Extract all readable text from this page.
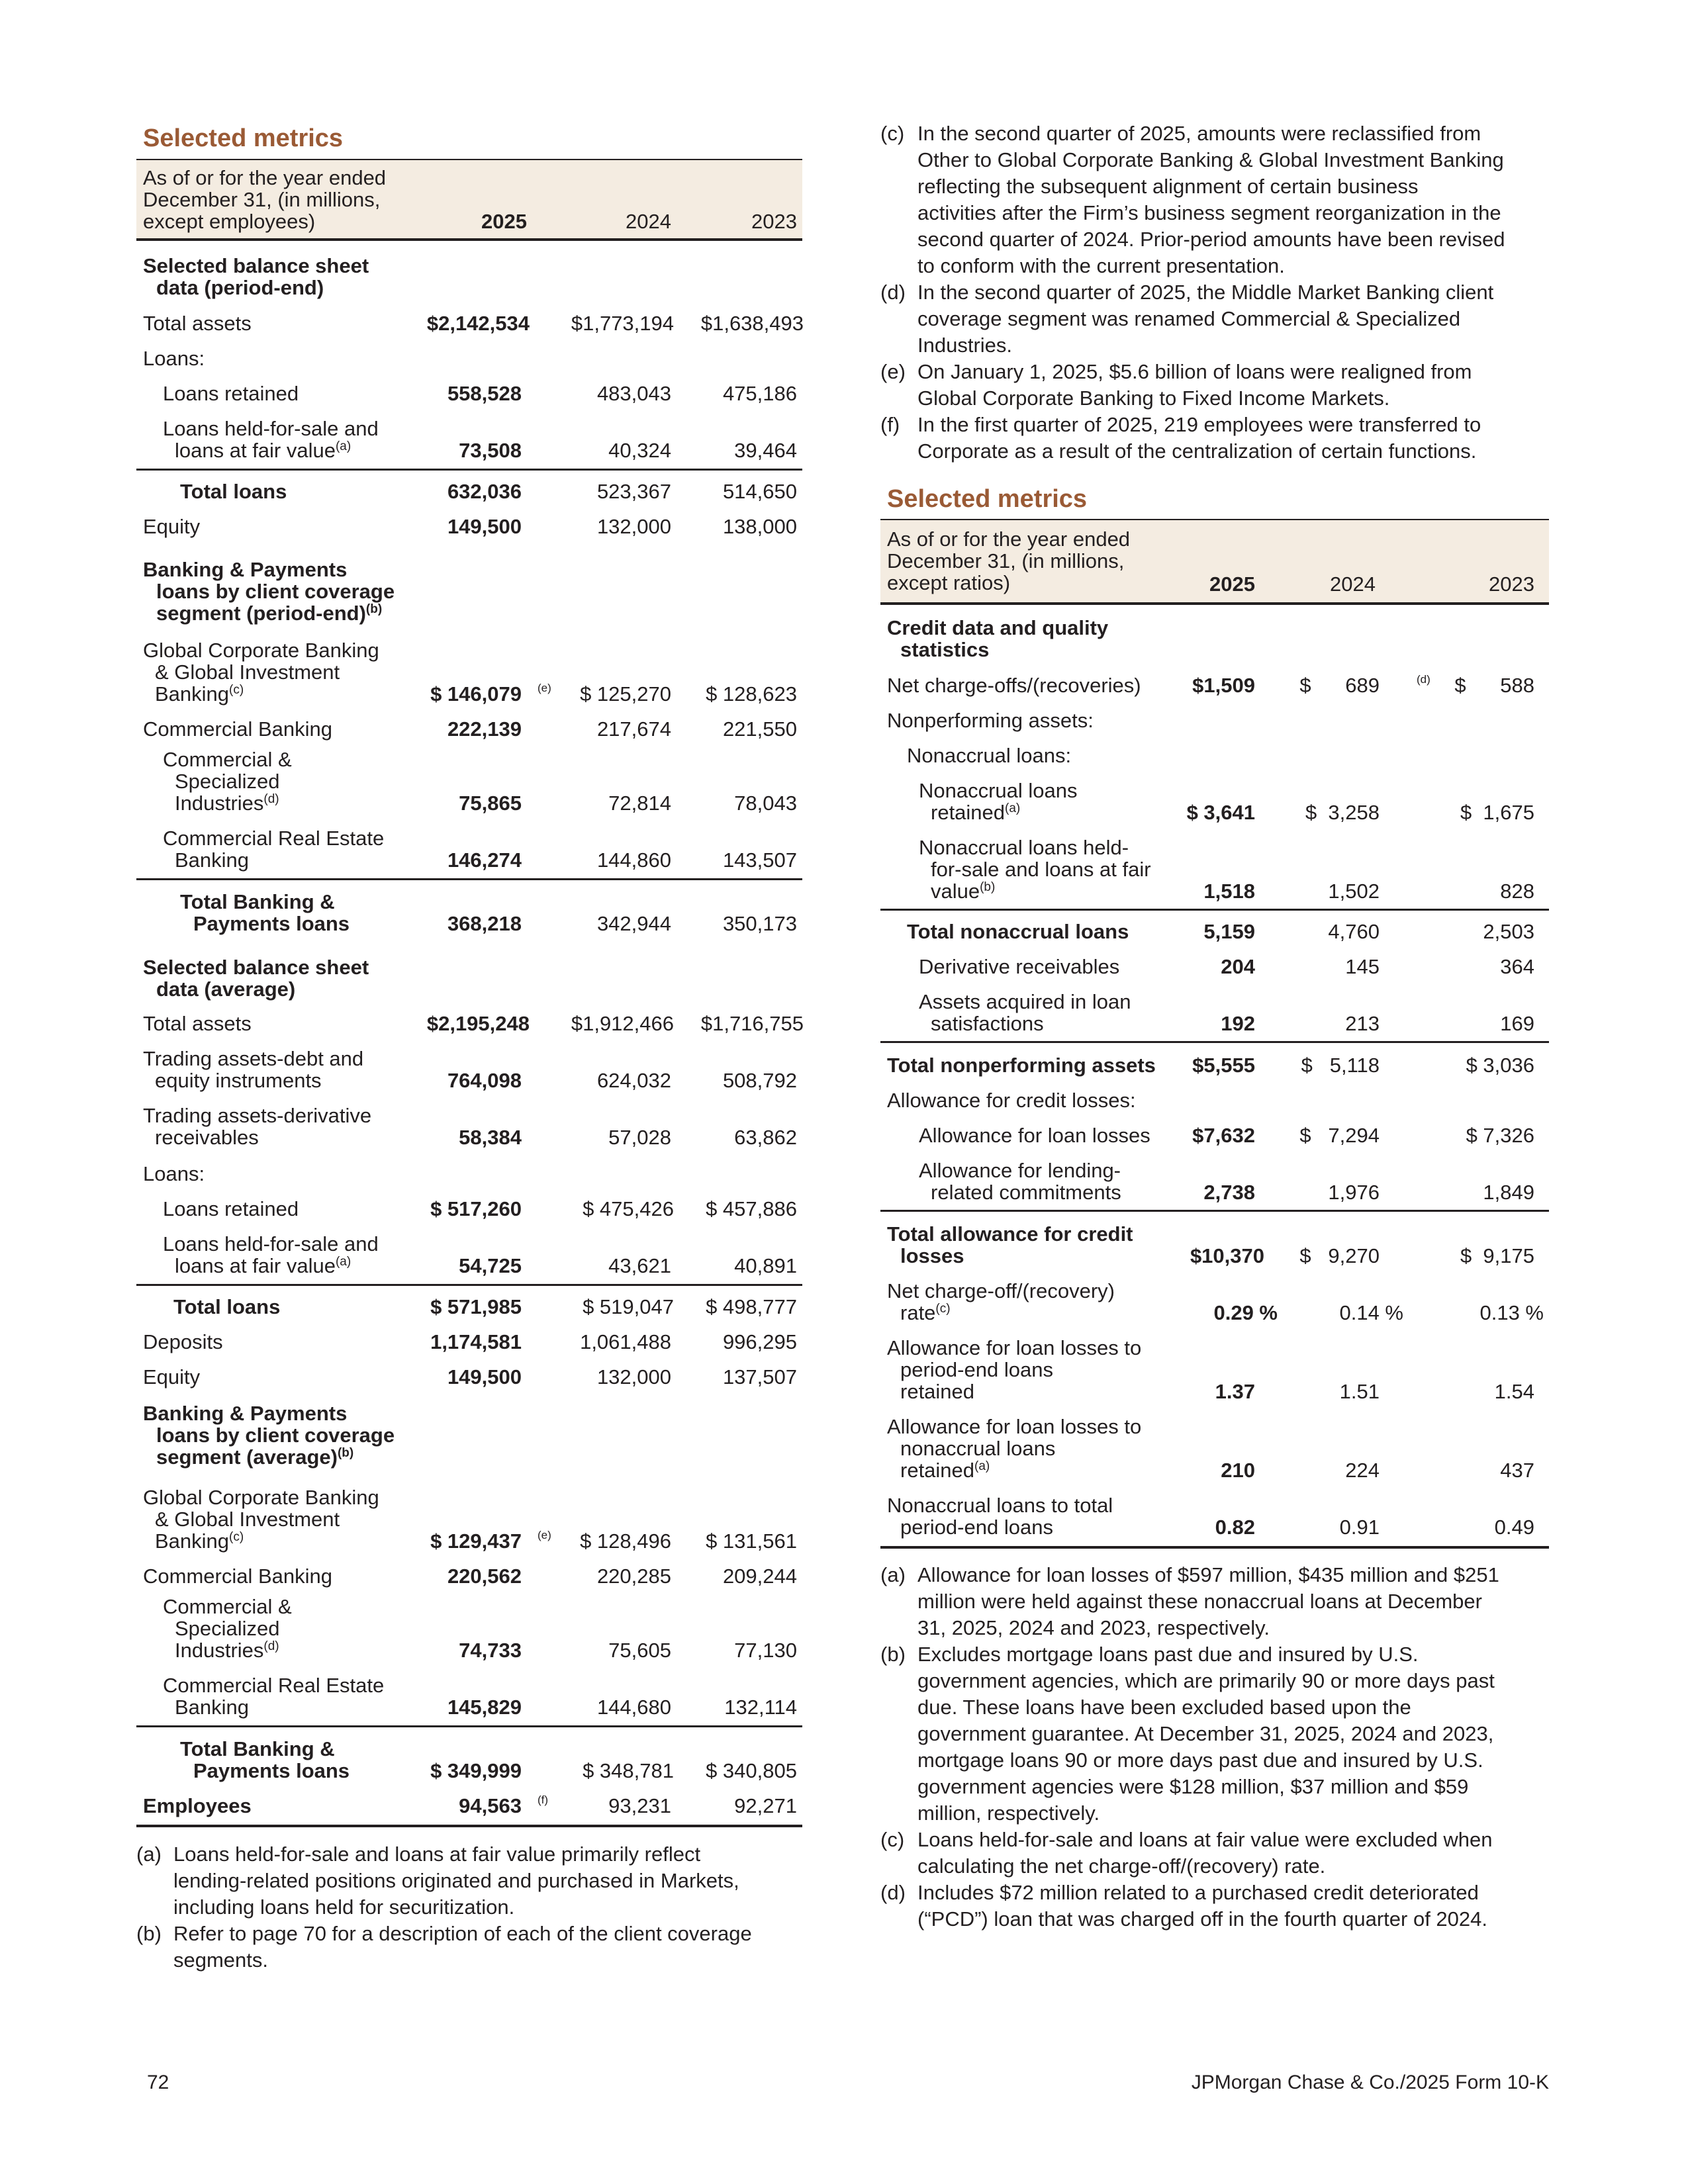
Selected metrics
As of or for the year ended
December 31, (in millions,
except employees)	2025	2024	2023
Selected balance sheet
data (period-end)
Total assets	$2,142,534 $1,773,194 $1,638,493
Loans:
Loans retained	558,528	483,043	475,186
Loans held-for-sale and
loans at fair value$^{(a)}$	73,508	40,324	39,464
Total loans	632,036	523,367	514,650
Equity	149,500	132,000	138,000
Banking & Payments
loans by client coverage
segment (period-end)$^{(b)}$
Global Corporate Banking
& Global Investment
Banking$^{(c)}$	$ 146,079 (e) $ 125,270 $ 128,623
Commercial Banking	222,139	217,674	221,550
Commercial &
Specialized
Industries$^{(d)}$	75,865	72,814	78,043
Commercial Real Estate
Banking	146,274	144,860	143,507
Total Banking &
Payments loans	368,218	342,944	350,173
Selected balance sheet
data (average)
Total assets	$2,195,248 $1,912,466 $1,716,755
Trading assets-debt and
equity instruments	764,098	624,032	508,792
Trading assets-derivative
receivables	58,384	57,028	63,862
Loans:
Loans retained	$ 517,260	$ 475,426 $ 457,886
Loans held-for-sale and
loans at fair value$^{(a)}$	54,725	43,621	40,891
Total loans	$ 571,985	$ 519,047 $ 498,777
Deposits	1,174,581	1,061,488	996,295
Equity	149,500	132,000	137,507
Banking & Payments
loans by client coverage
segment (average)$^{(b)}$
Global Corporate Banking
& Global Investment
Banking$^{(c)}$	$ 129,437 (e) $ 128,496 $ 131,561
Commercial Banking	220,562	220,285	209,244
Commercial &
Specialized
Industries$^{(d)}$	74,733	75,605	77,130
Commercial Real Estate
Banking	145,829	144,680	132,114
Total Banking &
Payments loans	$ 349,999	$ 348,781 $ 340,805
Employees	94,563 (f)	93,231	92,271
(a) Loans held-for-sale and loans at fair value primarily reflect
lending-related positions originated and purchased in Markets,
including loans held for securitization.
(b) Refer to page 70 for a description of each of the client coverage
segments.
(c) In the second quarter of 2025, amounts were reclassified from
Other to Global Corporate Banking & Global Investment Banking
reflecting the subsequent alignment of certain business
activities after the Firm’s business segment reorganization in the
second quarter of 2024. Prior-period amounts have been revised
to conform with the current presentation.
(d) In the second quarter of 2025, the Middle Market Banking client
coverage segment was renamed Commercial & Specialized
Industries.
(e) On January 1, 2025, $5.6 billion of loans were realigned from
Global Corporate Banking to Fixed Income Markets.
(f) In the first quarter of 2025, 219 employees were transferred to
Corporate as a result of the centralization of certain functions.
Selected metrics
As of or for the year ended
December 31, (in millions,
except ratios)	2025	2024	2023
Credit data and quality
statistics
Net charge-offs/(recoveries)	$1,509 $      689	(d) $      588
Nonperforming assets:
Nonaccrual loans:
Nonaccrual loans
retained$^{(a)}$	$ 3,641 $  3,258	$  1,675
Nonaccrual loans held-
for-sale and loans at fair
value$^{(b)}$	1,518	1,502	828
Total nonaccrual loans	5,159	4,760	2,503
Derivative receivables	204	145	364
Assets acquired in loan
satisfactions	192	213	169
Total nonperforming assets $5,555 $   5,118	$ 3,036
Allowance for credit losses:
Allowance for loan losses $7,632 $   7,294	$ 7,326
Allowance for lending-
related commitments	2,738	1,976	1,849
Total allowance for credit
losses	$10,370 $   9,270	$  9,175
Net charge-off/(recovery)
rate$^{(c)}$	0.29 %	0.14 %	0.13 %
Allowance for loan losses to
period-end loans
retained	1.37	1.51	1.54
Allowance for loan losses to
nonaccrual loans
retained$^{(a)}$	210	224	437
Nonaccrual loans to total
period-end loans	0.82	0.91	0.49
(a) Allowance for loan losses of $597 million, $435 million and $251
million were held against these nonaccrual loans at December
31, 2025, 2024 and 2023, respectively.
(b) Excludes mortgage loans past due and insured by U.S.
government agencies, which are primarily 90 or more days past
due. These loans have been excluded based upon the
government guarantee. At December 31, 2025, 2024 and 2023,
mortgage loans 90 or more days past due and insured by U.S.
government agencies were $128 million, $37 million and $59
million, respectively.
(c) Loans held-for-sale and loans at fair value were excluded when
calculating the net charge-off/(recovery) rate.
(d) Includes $72 million related to a purchased credit deteriorated
(“PCD”) loan that was charged off in the fourth quarter of 2024.
72	JPMorgan Chase & Co./2025 Form 10-K
